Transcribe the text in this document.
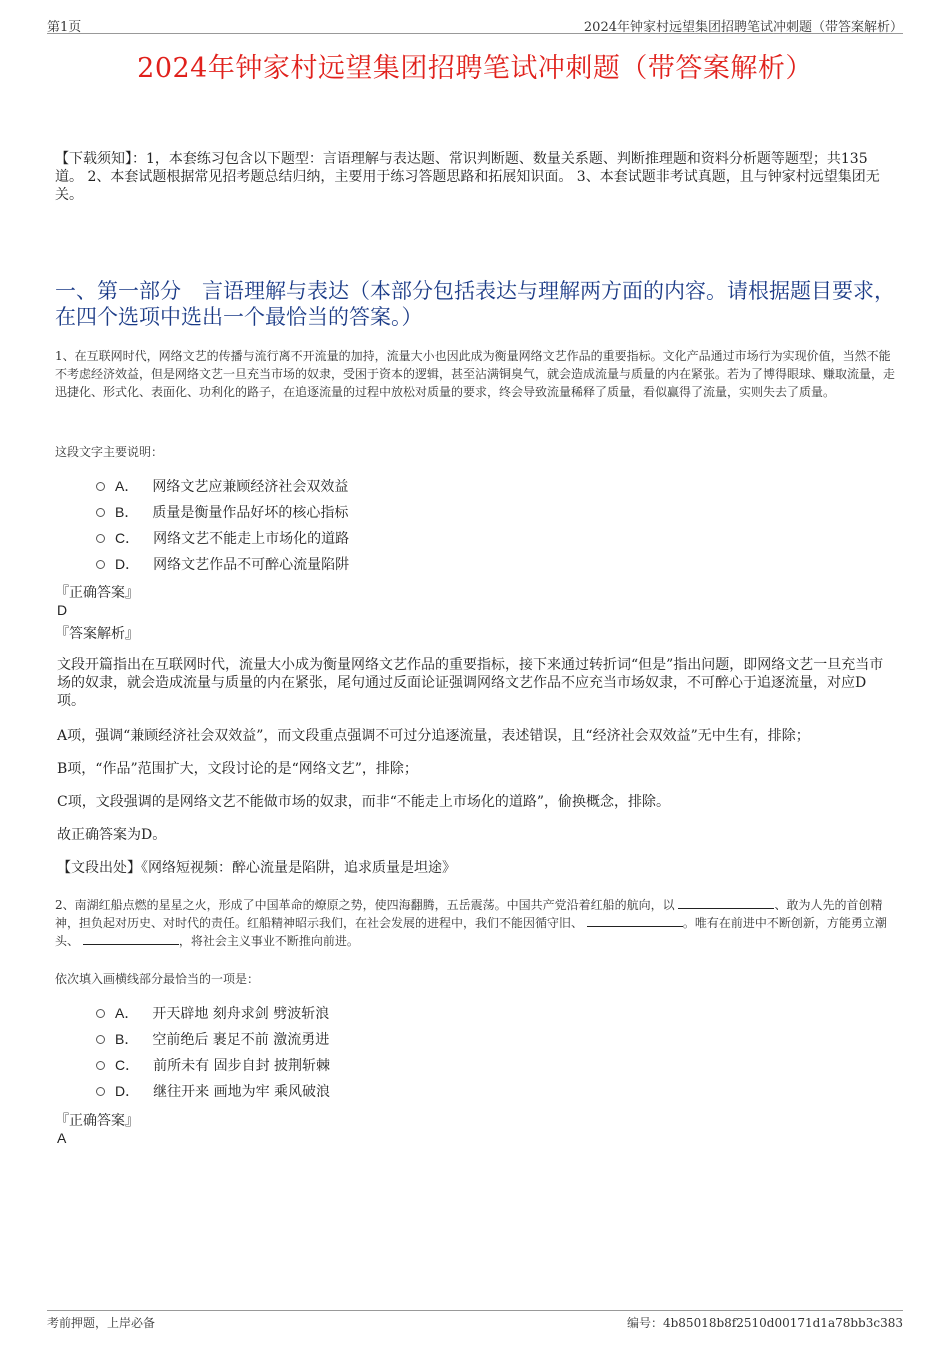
第1页	2024年钟家村远望集团招聘笔试冲刺题（带答案解析）
2024年钟家村远望集团招聘笔试冲刺题（带答案解析）
【下载须知】：1，本套练习包含以下题型：言语理解与表达题、常识判断题、数量关系题、判断推理题和资料分析题等题型；共135道。 2、本套试题根据常见招考题总结归纳，主要用于练习答题思路和拓展知识面。 3、本套试题非考试真题，且与钟家村远望集团无关。
一、第一部分　言语理解与表达（本部分包括表达与理解两方面的内容。请根据题目要求，在四个选项中选出一个最恰当的答案。）
1、在互联网时代，网络文艺的传播与流行离不开流量的加持，流量大小也因此成为衡量网络文艺作品的重要指标。文化产品通过市场行为实现价值，当然不能不考虑经济效益，但是网络文艺一旦充当市场的奴隶，受困于资本的逻辑，甚至沾满铜臭气，就会造成流量与质量的内在紧张。若为了博得眼球、赚取流量，走迅捷化、形式化、表面化、功利化的路子，在追逐流量的过程中放松对质量的要求，终会导致流量稀释了质量，看似赢得了流量，实则失去了质量。
这段文字主要说明：
A． 网络文艺应兼顾经济社会双效益
B． 质量是衡量作品好坏的核心指标
C． 网络文艺不能走上市场化的道路
D． 网络文艺作品不可醉心流量陷阱
『正确答案』
D
『答案解析』
文段开篇指出在互联网时代，流量大小成为衡量网络文艺作品的重要指标，接下来通过转折词“但是”指出问题，即网络文艺一旦充当市场的奴隶，就会造成流量与质量的内在紧张，尾句通过反面论证强调网络文艺作品不应充当市场奴隶，不可醉心于追逐流量，对应D项。
A项，强调“兼顾经济社会双效益”，而文段重点强调不可过分追逐流量，表述错误，且“经济社会双效益”无中生有，排除；
B项，“作品”范围扩大，文段讨论的是“网络文艺”，排除；
C项，文段强调的是网络文艺不能做市场的奴隶，而非“不能走上市场化的道路”，偷换概念，排除。
故正确答案为D。
【文段出处】《网络短视频：醉心流量是陷阱，追求质量是坦途》
2、南湖红船点燃的星星之火，形成了中国革命的燎原之势，使四海翻腾，五岳震荡。中国共产党沿着红船的航向，以	、敢为人先的首创精神，担负起对历史、对时代的责任。红船精神昭示我们，在社会发展的进程中，我们不能因循守旧、	。唯有在前进中不断创新，方能勇立潮头、	，将社会主义事业不断推向前进。
依次填入画横线部分最恰当的一项是：
A． 开天辟地 刻舟求剑 劈波斩浪
B． 空前绝后 裹足不前 激流勇进
C． 前所未有 固步自封 披荆斩棘
D． 继往开来 画地为牢 乘风破浪
『正确答案』
A
考前押题，上岸必备	编号：4b85018b8f2510d00171d1a78bb3c383
